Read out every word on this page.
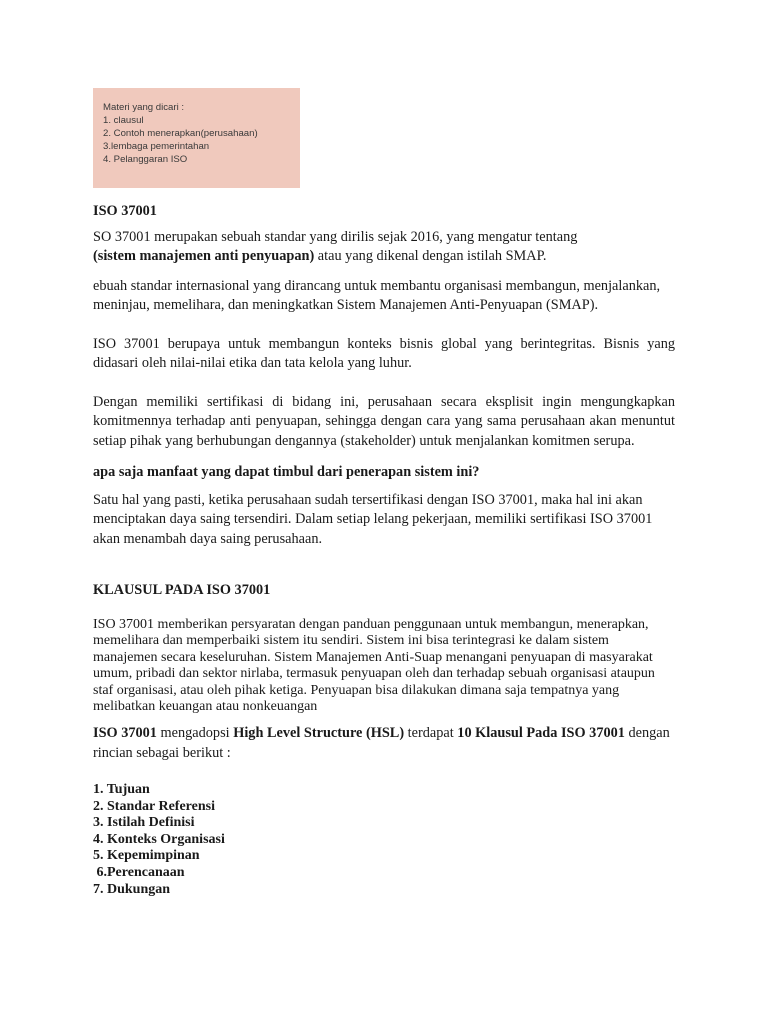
Materi yang dicari :
1. clausul
2. Contoh menerapkan(perusahaan)
3.lembaga pemerintahan
4. Pelanggaran ISO

ISO 37001

SO 37001 merupakan sebuah standar yang dirilis sejak 2016, yang mengatur tentang
(sistem manajemen anti penyuapan) atau yang dikenal dengan istilah SMAP.

ebuah standar internasional yang dirancang untuk membantu organisasi membangun, menjalankan, meninjau, memelihara, dan meningkatkan Sistem Manajemen Anti-Penyuapan (SMAP).

ISO 37001 berupaya untuk membangun konteks bisnis global yang berintegritas. Bisnis yang didasari oleh nilai-nilai etika dan tata kelola yang luhur.

Dengan memiliki sertifikasi di bidang ini, perusahaan secara eksplisit ingin mengungkapkan komitmennya terhadap anti penyuapan, sehingga dengan cara yang sama perusahaan akan menuntut setiap pihak yang berhubungan dengannya (stakeholder) untuk menjalankan komitmen serupa.

apa saja manfaat yang dapat timbul dari penerapan sistem ini?

Satu hal yang pasti, ketika perusahaan sudah tersertifikasi dengan ISO 37001, maka hal ini akan menciptakan daya saing tersendiri. Dalam setiap lelang pekerjaan, memiliki sertifikasi ISO 37001 akan menambah daya saing perusahaan.

KLAUSUL PADA ISO 37001

ISO 37001 memberikan persyaratan dengan panduan penggunaan untuk membangun, menerapkan, memelihara dan memperbaiki sistem itu sendiri. Sistem ini bisa terintegrasi ke dalam sistem manajemen secara keseluruhan. Sistem Manajemen Anti-Suap menangani penyuapan di masyarakat umum, pribadi dan sektor nirlaba, termasuk penyuapan oleh dan terhadap sebuah organisasi ataupun staf organisasi, atau oleh pihak ketiga. Penyuapan bisa dilakukan dimana saja tempatnya yang melibatkan keuangan atau nonkeuangan

ISO 37001 mengadopsi High Level Structure (HSL) terdapat 10 Klausul Pada ISO 37001 dengan rincian sebagai berikut :

1. Tujuan
2. Standar Referensi
3. Istilah Definisi
4. Konteks Organisasi
5. Kepemimpinan
6.Perencanaan
7. Dukungan
